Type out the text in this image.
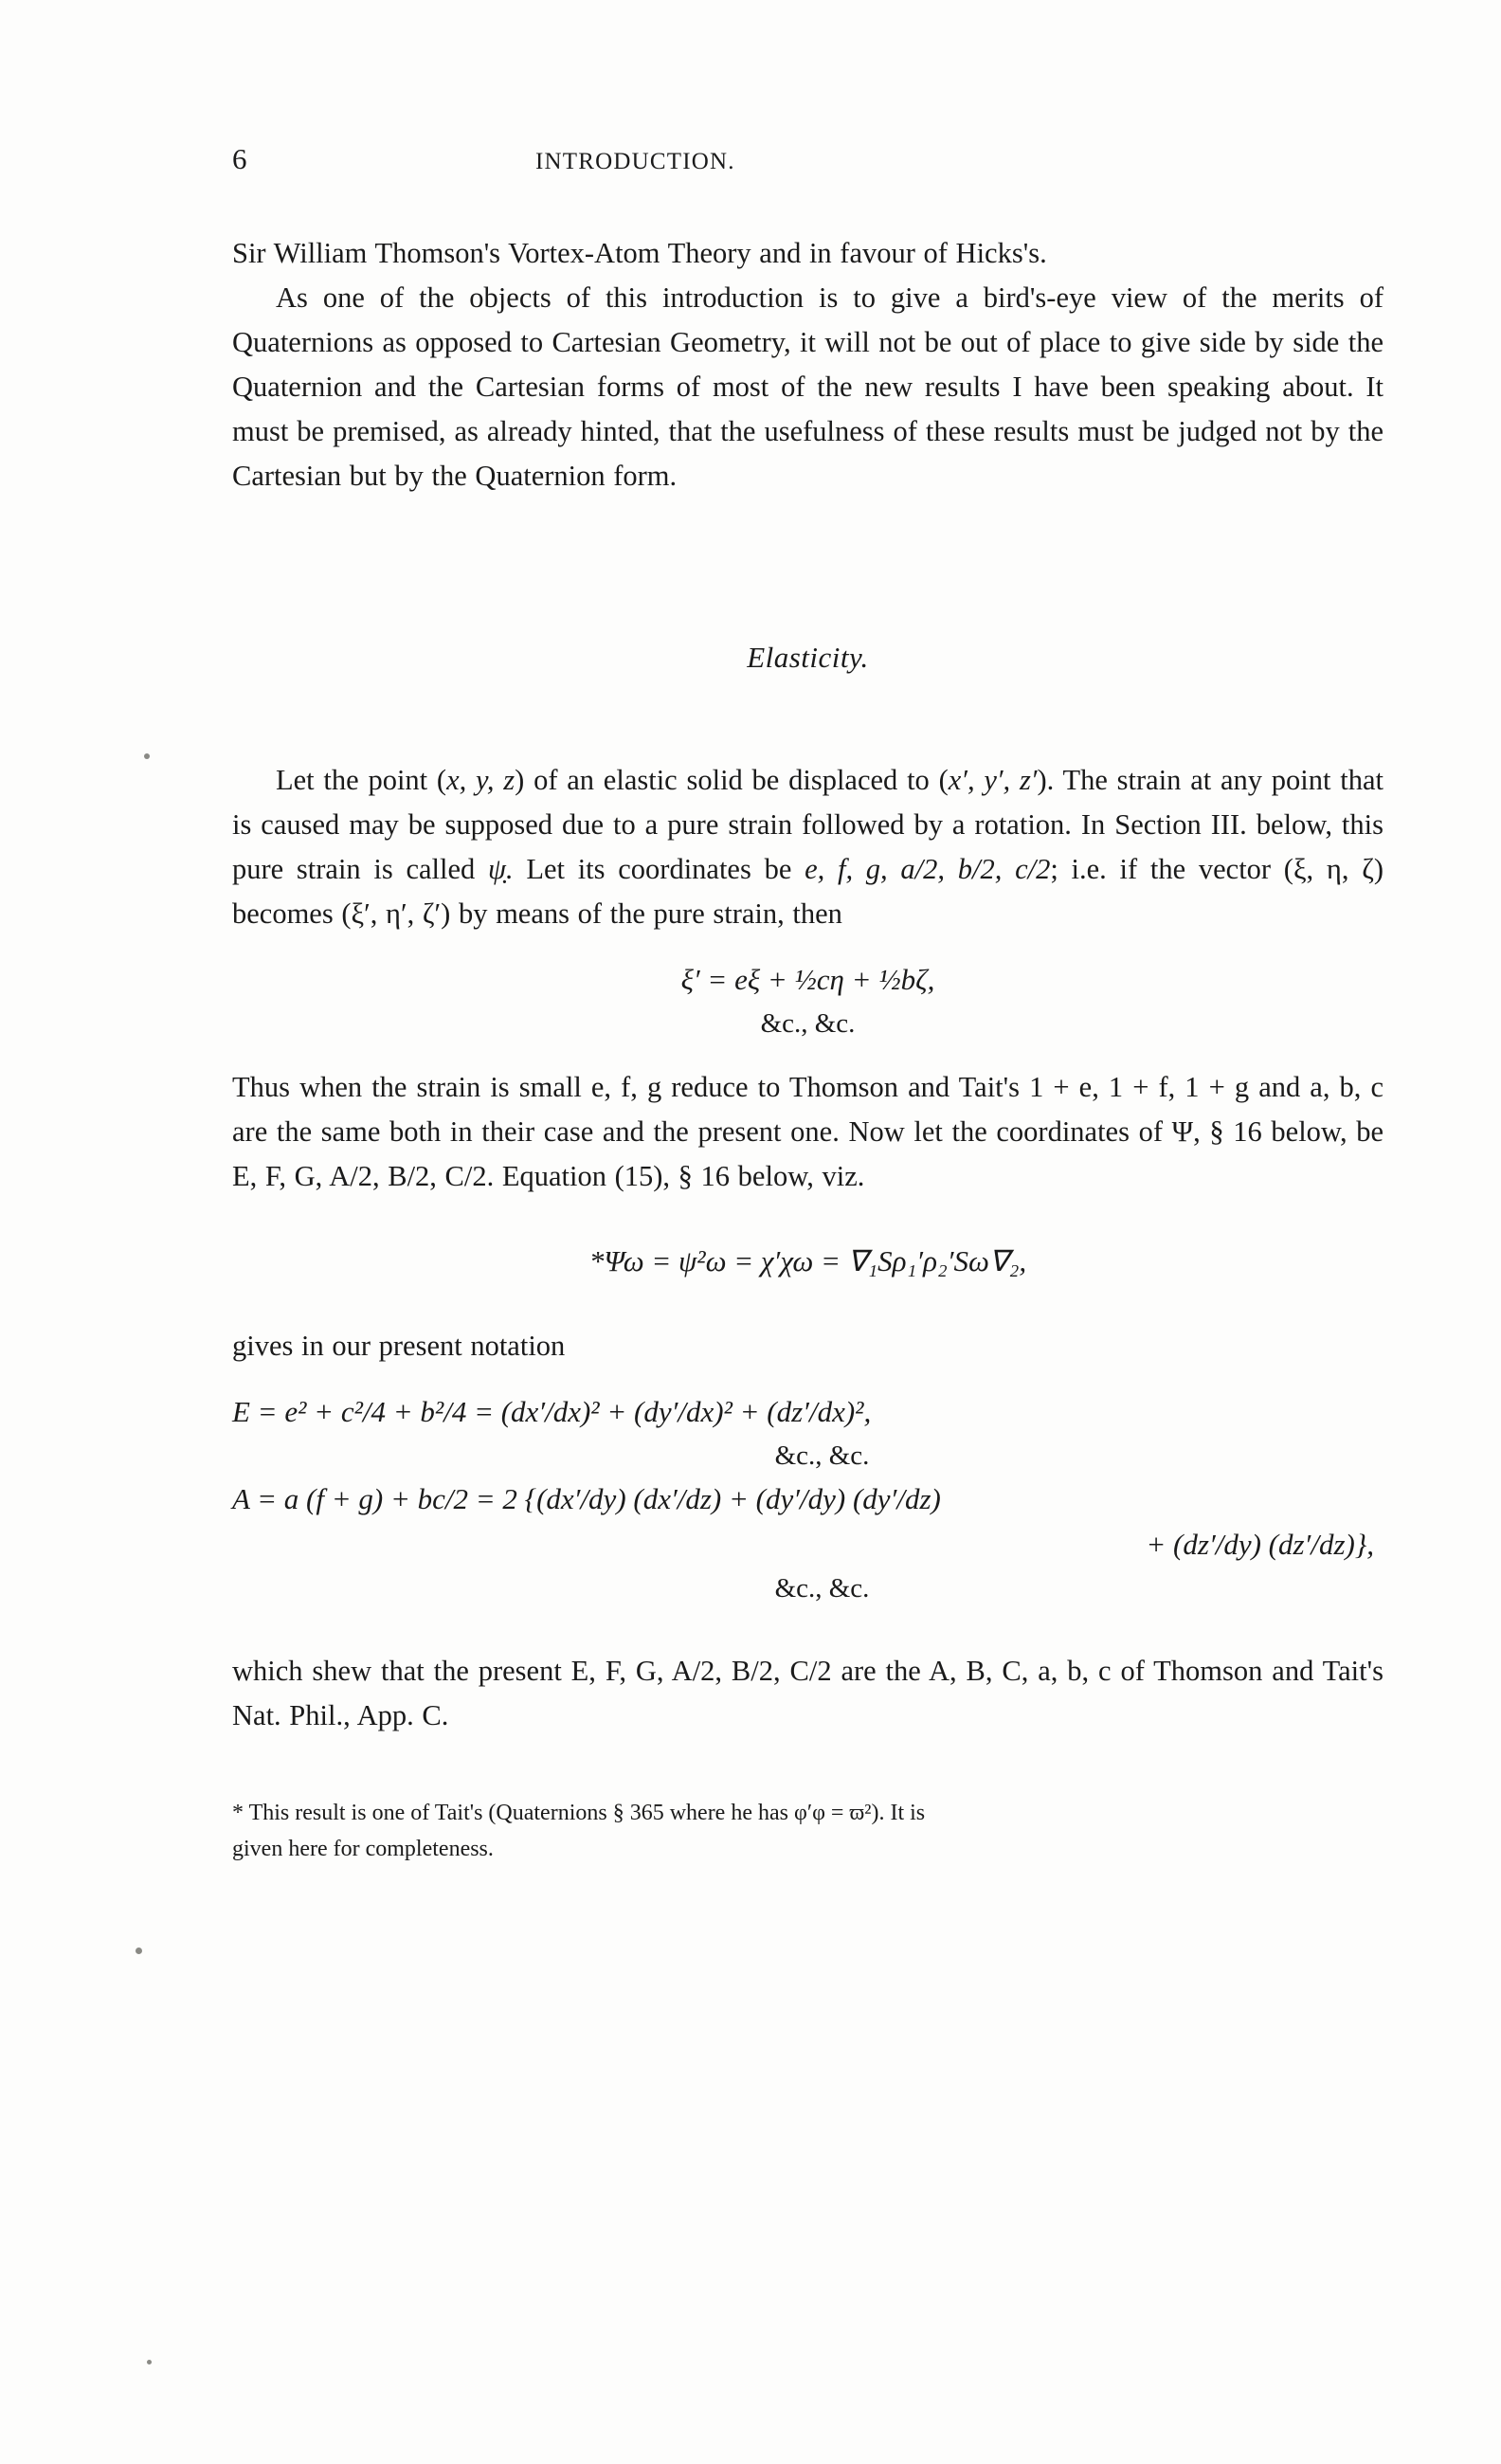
6	INTRODUCTION.

Sir William Thomson's Vortex-Atom Theory and in favour of Hicks's.

As one of the objects of this introduction is to give a bird's-eye view of the merits of Quaternions as opposed to Cartesian Geometry, it will not be out of place to give side by side the Quaternion and the Cartesian forms of most of the new results I have been speaking about. It must be premised, as already hinted, that the usefulness of these results must be judged not by the Cartesian but by the Quaternion form.

Elasticity.

Let the point (x, y, z) of an elastic solid be displaced to (x′, y′, z′). The strain at any point that is caused may be supposed due to a pure strain followed by a rotation. In Section III. below, this pure strain is called ψ̣. Let its coordinates be e, f, g, a/2, b/2, c/2; i.e. if the vector (ξ, η, ζ) becomes (ξ′, η′, ζ′) by means of the pure strain, then

ξ′ = eξ + ½cη + ½bζ,

&c., &c.

Thus when the strain is small e, f, g reduce to Thomson and Tait's 1 + e, 1 + f, 1 + g and a, b, c are the same both in their case and the present one. Now let the coordinates of Ψ, § 16 below, be E, F, G, A/2, B/2, C/2. Equation (15), § 16 below, viz.

*Ψω = ψ²ω = χ′χω = ∇₁Sρ₁′ρ₂′Sω∇₂,

gives in our present notation

E = e² + c²/4 + b²/4 = (dx′/dx)² + (dy′/dx)² + (dz′/dx)²,

&c., &c.

A = a (f + g) + bc/2 = 2 {(dx′/dy) (dx′/dz) + (dy′/dy) (dy′/dz)

+ (dz′/dy) (dz′/dz)},

&c., &c.

which shew that the present E, F, G, A/2, B/2, C/2 are the A, B, C, a, b, c of Thomson and Tait's Nat. Phil., App. C.

* This result is one of Tait's (Quaternions § 365 where he has φ′φ = ϖ²). It is

given here for completeness.
